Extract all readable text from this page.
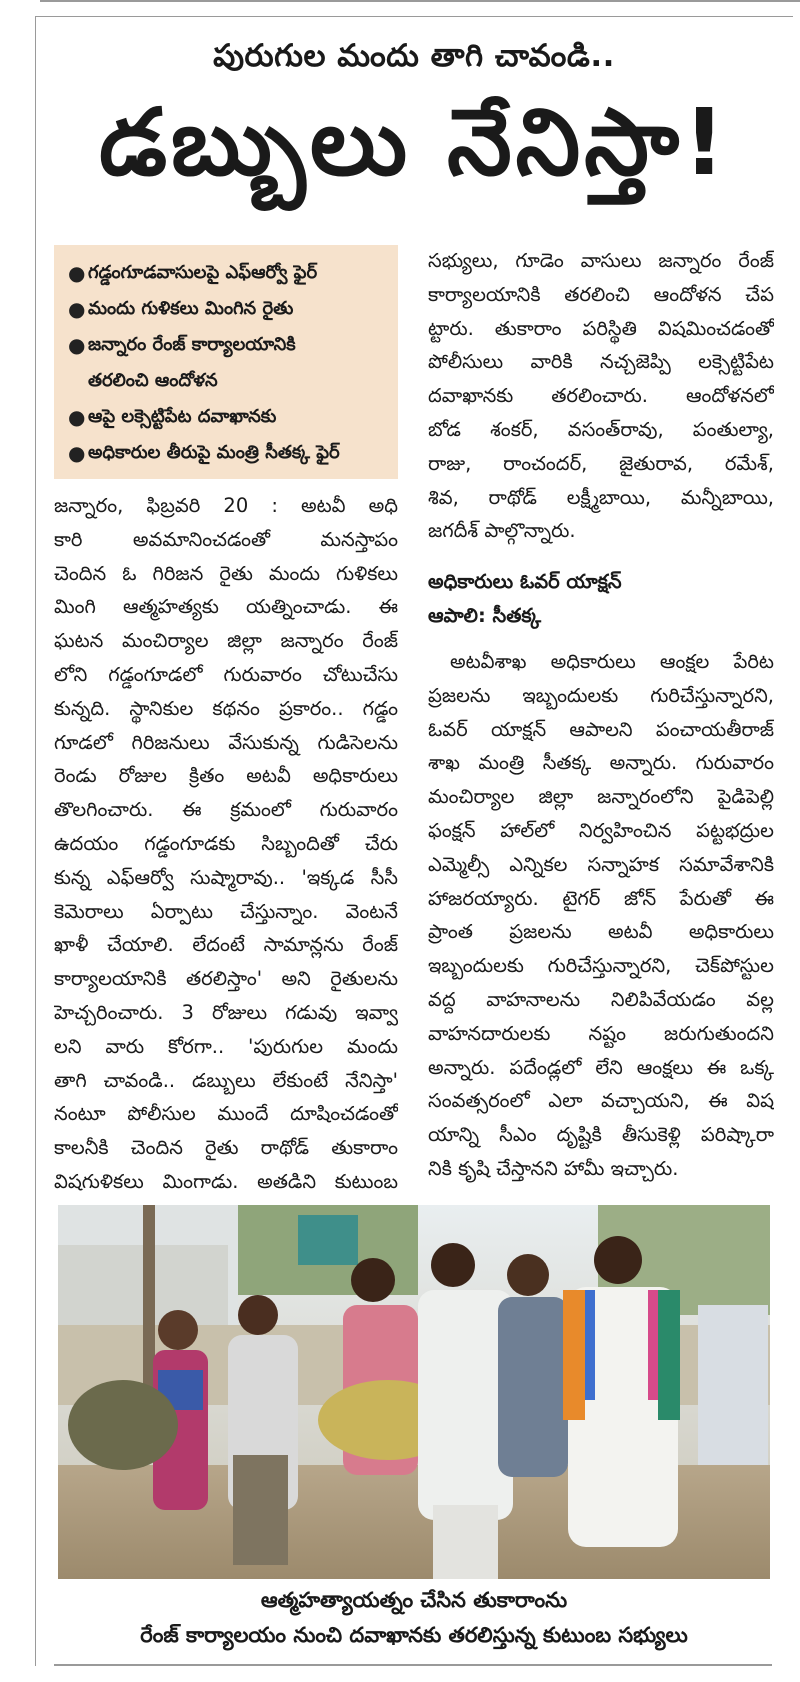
పురుగుల మందు తాగి చావండి..
డబ్బులు నేనిస్తా!
● గడ్డంగూడవాసులపై ఎఫ్ఆర్వో ఫైర్
● మందు గుళికలు మింగిన రైతు
● జన్నారం రేంజ్ కార్యాలయానికి
తరలించి ఆందోళన
● ఆపై లక్సెట్టిపేట దవాఖానకు
● అధికారుల తీరుపై మంత్రి సీతక్క ఫైర్
జన్నారం, ఫిబ్రవరి 20 : అటవీ అధి
కారి అవమానించడంతో మనస్తాపం
చెందిన ఓ గిరిజన రైతు మందు గుళికలు
మింగి ఆత్మహత్యకు యత్నించాడు. ఈ
ఘటన మంచిర్యాల జిల్లా జన్నారం రేంజ్
లోని గడ్డంగూడలో గురువారం చోటుచేసు
కున్నది. స్థానికుల కథనం ప్రకారం.. గడ్డం
గూడలో గిరిజనులు వేసుకున్న గుడిసెలను
రెండు రోజుల క్రితం అటవీ అధికారులు
తొలగించారు. ఈ క్రమంలో గురువారం
ఉదయం గడ్డంగూడకు సిబ్బందితో చేరు
కున్న ఎఫ్ఆర్వో సుష్మారావు.. 'ఇక్కడ సీసీ
కెమెరాలు ఏర్పాటు చేస్తున్నాం. వెంటనే
ఖాళీ చేయాలి. లేదంటే సామాన్లను రేంజ్
కార్యాలయానికి తరలిస్తాం' అని రైతులను
హెచ్చరించారు. 3 రోజులు గడువు ఇవ్వా
లని వారు కోరగా.. 'పురుగుల మందు
తాగి చావండి.. డబ్బులు లేకుంటే నేనిస్తా'
నంటూ పోలీసుల ముందే దూషించడంతో
కాలనీకి చెందిన రైతు రాథోడ్ తుకారాం
విషగుళికలు మింగాడు. అతడిని కుటుంబ
సభ్యులు, గూడెం వాసులు జన్నారం రేంజ్
కార్యాలయానికి తరలించి ఆందోళన చేప
ట్టారు. తుకారాం పరిస్థితి విషమించడంతో
పోలీసులు వారికి నచ్చజెప్పి లక్సెట్టిపేట
దవాఖానకు తరలించారు. ఆందోళనలో
బోడ శంకర్, వసంత్‌రావు, పంతుల్యా,
రాజు, రాంచందర్, జైతురావ, రమేశ్,
శివ, రాథోడ్ లక్ష్మీబాయి, మన్నీబాయి,
జగదీశ్ పాల్గొన్నారు.
అధికారులు ఓవర్ యాక్షన్
ఆపాలి: సీతక్క
అటవీశాఖ అధికారులు ఆంక్షల పేరిట
ప్రజలను ఇబ్బందులకు గురిచేస్తున్నారని,
ఓవర్ యాక్షన్ ఆపాలని పంచాయతీరాజ్
శాఖ మంత్రి సీతక్క అన్నారు. గురువారం
మంచిర్యాల జిల్లా జన్నారంలోని పైడిపెల్లి
ఫంక్షన్ హాల్‌లో నిర్వహించిన పట్టభద్రుల
ఎమ్మెల్సీ ఎన్నికల సన్నాహక సమావేశానికి
హాజరయ్యారు. టైగర్ జోన్ పేరుతో ఈ
ప్రాంత ప్రజలను అటవీ అధికారులు
ఇబ్బందులకు గురిచేస్తున్నారని, చెక్‌పోస్టుల
వద్ద వాహనాలను నిలిపివేయడం వల్ల
వాహనదారులకు నష్టం జరుగుతుందని
అన్నారు. పదేండ్లలో లేని ఆంక్షలు ఈ ఒక్క
సంవత్సరంలో ఎలా వచ్చాయని, ఈ విష
యాన్ని సీఎం దృష్టికి తీసుకెళ్లి పరిష్కారా
నికి కృషి చేస్తానని హామీ ఇచ్చారు.
ఆత్మహత్యాయత్నం చేసిన తుకారాంను
రేంజ్ కార్యాలయం నుంచి దవాఖానకు తరలిస్తున్న కుటుంబ సభ్యులు
